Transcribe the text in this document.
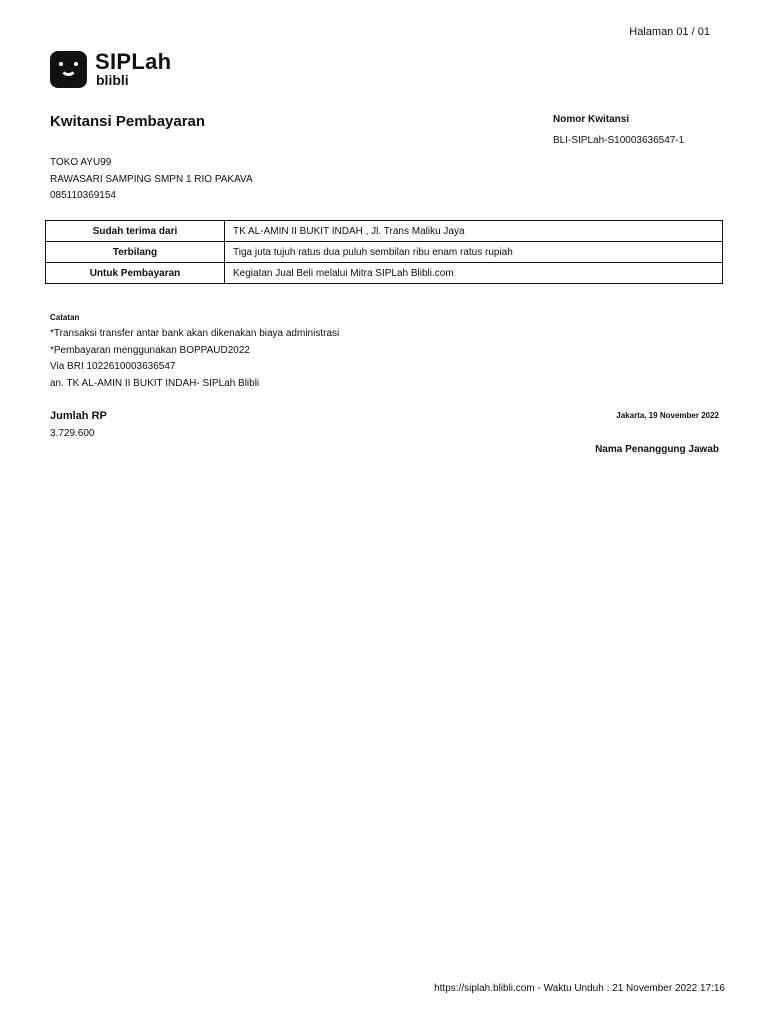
Halaman 01 / 01
SIPLah
blibli
Kwitansi Pembayaran	Nomor Kwitansi
BLI-SIPLah-S10003636547-1
TOKO AYU99
RAWASARI SAMPING SMPN 1 RIO PAKAVA
085110369154
Sudah terima dari	TK AL-AMIN II BUKIT INDAH , Jl. Trans Maliku Jaya
Terbilang	Tiga juta tujuh ratus dua puluh sembilan ribu enam ratus rupiah
Untuk Pembayaran	Kegiatan Jual Beli melalui Mitra SIPLah Blibli.com
Catatan
*Transaksi transfer antar bank akan dikenakan biaya administrasi
*Pembayaran menggunakan BOPPAUD2022
Via BRI 1022610003636547
an. TK AL-AMIN II BUKIT INDAH- SIPLah Blibli
Jumlah RP
3.729.600
Jakarta, 19 November 2022
Nama Penanggung Jawab
https://siplah.blibli.com - Waktu Unduh : 21 November 2022 17:16
